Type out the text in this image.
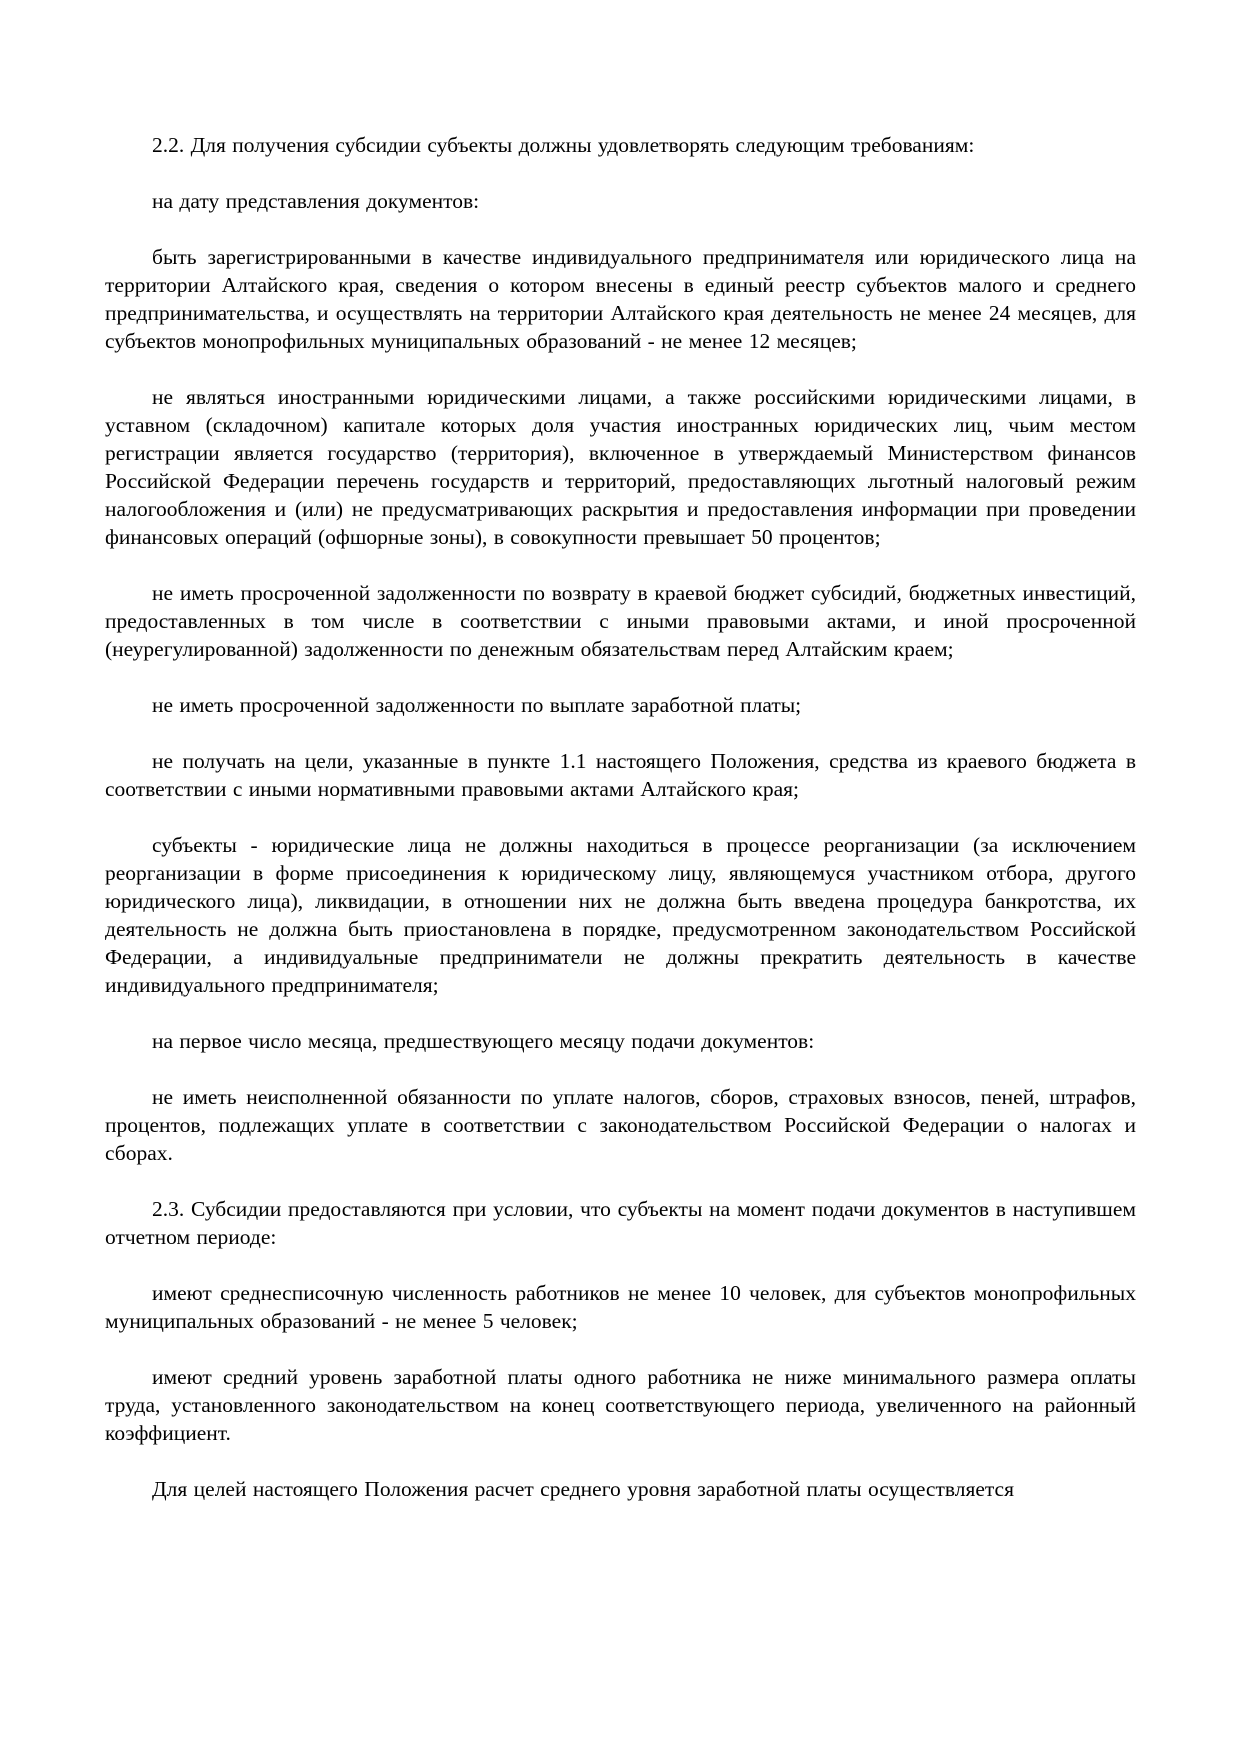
2.2. Для получения субсидии субъекты должны удовлетворять следующим требованиям:

на дату представления документов:

быть зарегистрированными в качестве индивидуального предпринимателя или юридического лица на территории Алтайского края, сведения о котором внесены в единый реестр субъектов малого и среднего предпринимательства, и осуществлять на территории Алтайского края деятельность не менее 24 месяцев, для субъектов монопрофильных муниципальных образований - не менее 12 месяцев;

не являться иностранными юридическими лицами, а также российскими юридическими лицами, в уставном (складочном) капитале которых доля участия иностранных юридических лиц, чьим местом регистрации является государство (территория), включенное в утверждаемый Министерством финансов Российской Федерации перечень государств и территорий, предоставляющих льготный налоговый режим налогообложения и (или) не предусматривающих раскрытия и предоставления информации при проведении финансовых операций (офшорные зоны), в совокупности превышает 50 процентов;

не иметь просроченной задолженности по возврату в краевой бюджет субсидий, бюджетных инвестиций, предоставленных в том числе в соответствии с иными правовыми актами, и иной просроченной (неурегулированной) задолженности по денежным обязательствам перед Алтайским краем;

не иметь просроченной задолженности по выплате заработной платы;

не получать на цели, указанные в пункте 1.1 настоящего Положения, средства из краевого бюджета в соответствии с иными нормативными правовыми актами Алтайского края;

субъекты - юридические лица не должны находиться в процессе реорганизации (за исключением реорганизации в форме присоединения к юридическому лицу, являющемуся участником отбора, другого юридического лица), ликвидации, в отношении них не должна быть введена процедура банкротства, их деятельность не должна быть приостановлена в порядке, предусмотренном законодательством Российской Федерации, а индивидуальные предприниматели не должны прекратить деятельность в качестве индивидуального предпринимателя;

на первое число месяца, предшествующего месяцу подачи документов:

не иметь неисполненной обязанности по уплате налогов, сборов, страховых взносов, пеней, штрафов, процентов, подлежащих уплате в соответствии с законодательством Российской Федерации о налогах и сборах.

2.3. Субсидии предоставляются при условии, что субъекты на момент подачи документов в наступившем отчетном периоде:

имеют среднесписочную численность работников не менее 10 человек, для субъектов монопрофильных муниципальных образований - не менее 5 человек;

имеют средний уровень заработной платы одного работника не ниже минимального размера оплаты труда, установленного законодательством на конец соответствующего периода, увеличенного на районный коэффициент.

Для целей настоящего Положения расчет среднего уровня заработной платы осуществляется
